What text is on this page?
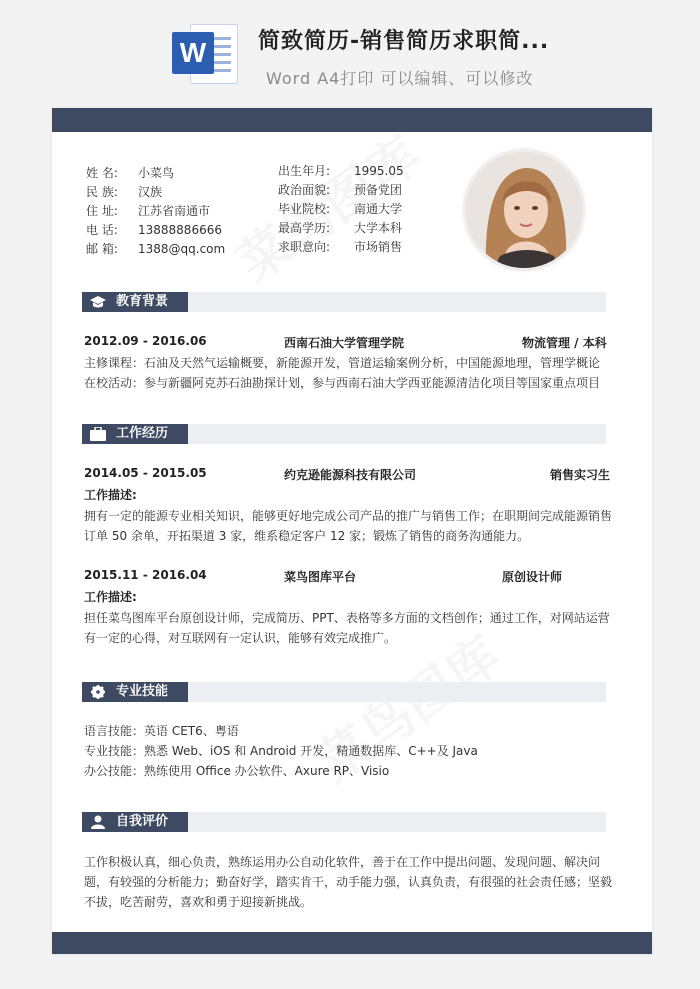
W	简致简历-销售简历求职简...
Word A4打印 可以编辑、可以修改
姓 名:	小菜鸟
民 族:	汉族
住 址:	江苏省南通市
电 话:	13888886666
邮 箱:	1388@qq.com
出生年月:	1995.05
政治面貌:	预备党团
毕业院校:	南通大学
最高学历:	大学本科
求职意向:	市场销售
教育背景
2012.09 - 2016.06	西南石油大学管理学院	物流管理 / 本科
主修课程：石油及天然气运输概要，新能源开发，管道运输案例分析，中国能源地理，管理学概论
在校活动：参与新疆阿克苏石油勘探计划，参与西南石油大学西亚能源清洁化项目等国家重点项目
工作经历
2014.05 - 2015.05	约克逊能源科技有限公司	销售实习生
工作描述:
拥有一定的能源专业相关知识，能够更好地完成公司产品的推广与销售工作；在职期间完成能源销售订单 50 余单，开拓渠道 3 家，维系稳定客户 12 家；锻炼了销售的商务沟通能力。
2015.11 - 2016.04	菜鸟图库平台	原创设计师
工作描述:
担任菜鸟图库平台原创设计师，完成简历、PPT、表格等多方面的文档创作；通过工作，对网站运营有一定的心得，对互联网有一定认识，能够有效完成推广。
专业技能
语言技能：英语 CET6、粤语
专业技能：熟悉 Web、iOS 和 Android 开发，精通数据库、C++及 Java
办公技能：熟练使用 Office 办公软件、Axure RP、Visio
自我评价
工作积极认真，细心负责，熟练运用办公自动化软件，善于在工作中提出问题、发现问题、解决问题，有较强的分析能力；勤奋好学，踏实肯干，动手能力强，认真负责，有很强的社会责任感；坚毅不拔，吃苦耐劳，喜欢和勇于迎接新挑战。
